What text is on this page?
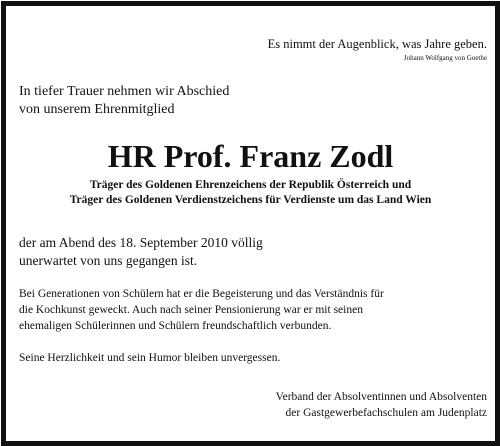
Es nimmt der Augenblick, was Jahre geben.
Johann Wolfgang von Goethe
In tiefer Trauer nehmen wir Abschied
von unserem Ehrenmitglied
HR Prof. Franz Zodl
Träger des Goldenen Ehrenzeichens der Republik Österreich und
Träger des Goldenen Verdienstzeichens für Verdienste um das Land Wien
der am Abend des 18. September 2010 völlig
unerwartet von uns gegangen ist.
Bei Generationen von Schülern hat er die Begeisterung und das Verständnis für
die Kochkunst geweckt. Auch nach seiner Pensionierung war er mit seinen
ehemaligen Schülerinnen und Schülern freundschaftlich verbunden.
Seine Herzlichkeit und sein Humor bleiben unvergessen.
Verband der Absolventinnen und Absolventen
der Gastgewerbefachschulen am Judenplatz
